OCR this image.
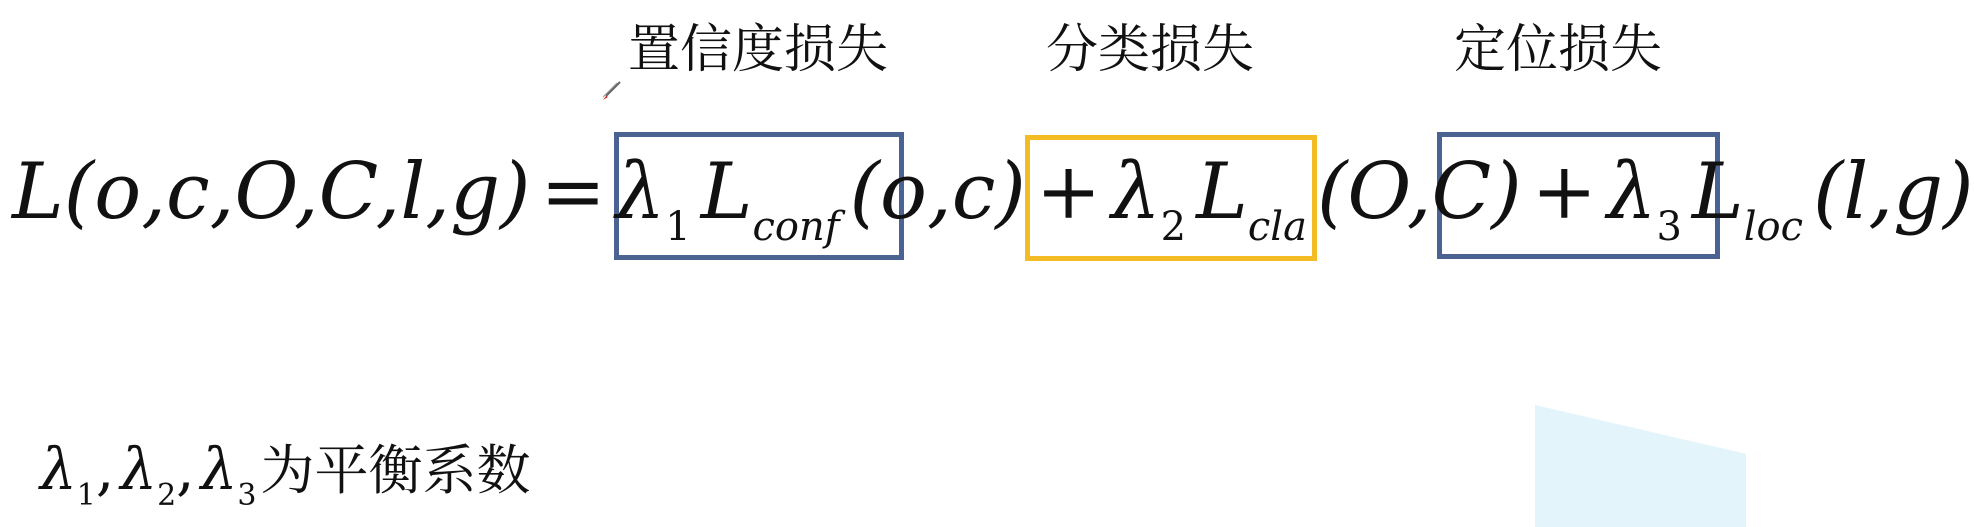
置信度损失	分类损失	定位损失
L(o,c,O,C,l,g) = λ 1 L conf (o,c) + λ 2 L cla (O,C) + λ 3 L loc (l,g)
λ 1 , λ 2 , λ 3 为平衡系数
